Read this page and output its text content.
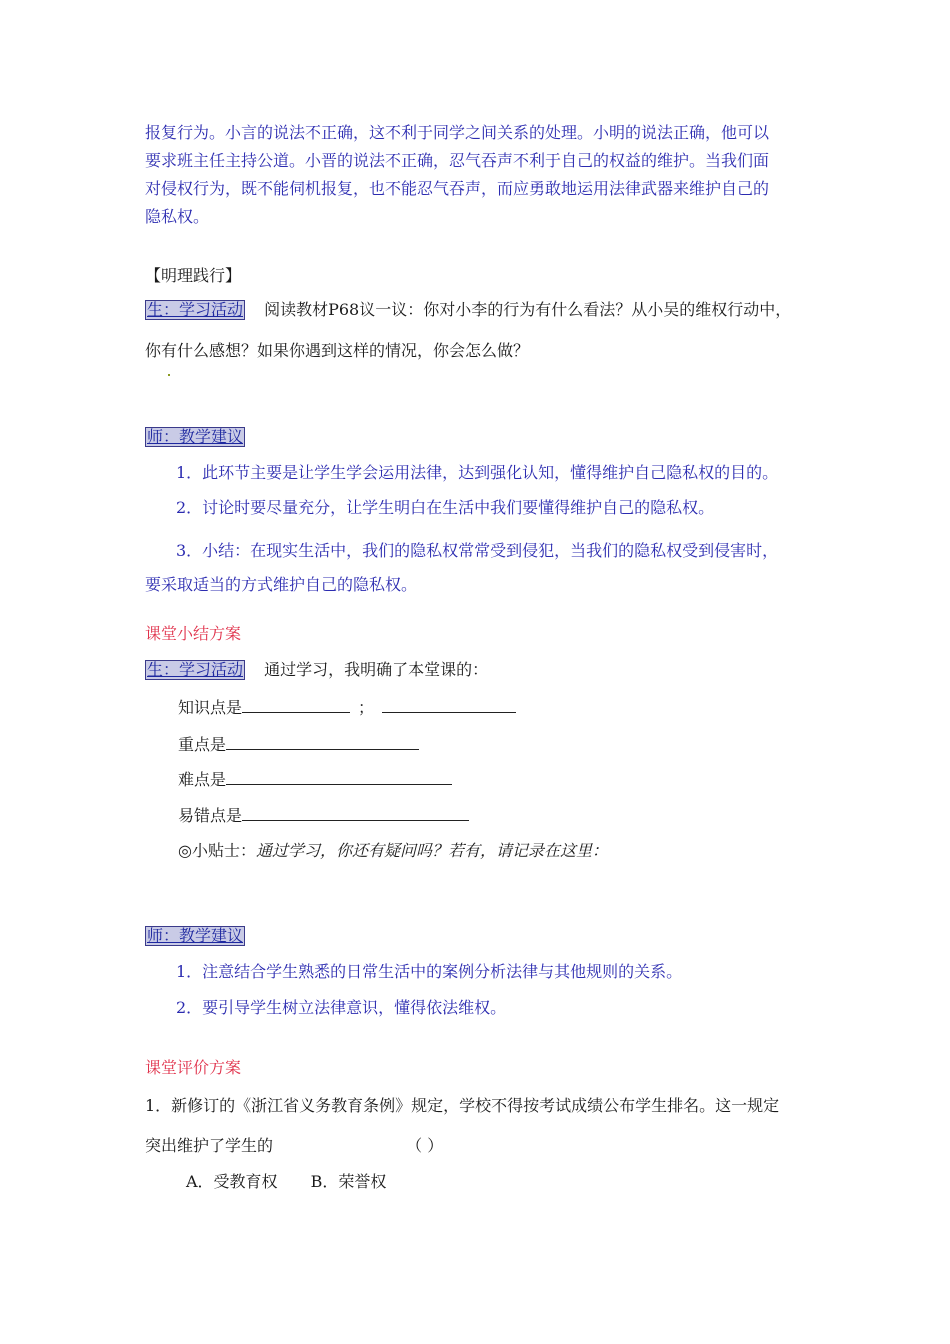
报复行为。小言的说法不正确，这不利于同学之间关系的处理。小明的说法正确，他可以
要求班主任主持公道。小晋的说法不正确，忍气吞声不利于自己的权益的维护。当我们面
对侵权行为，既不能伺机报复，也不能忍气吞声，而应勇敢地运用法律武器来维护自己的
隐私权。
【明理践行】
生：学习活动 阅读教材P68议一议：你对小李的行为有什么看法？从小吴的维权行动中，
你有什么感想？如果你遇到这样的情况，你会怎么做？
师：教学建议
1．此环节主要是让学生学会运用法律，达到强化认知，懂得维护自己隐私权的目的。
2．讨论时要尽量充分，让学生明白在生活中我们要懂得维护自己的隐私权。
3．小结：在现实生活中，我们的隐私权常常受到侵犯，当我们的隐私权受到侵害时，
要采取适当的方式维护自己的隐私权。
课堂小结方案
生：学习活动 通过学习，我明确了本堂课的：
知识点是	；
重点是
难点是
易错点是
◎小贴士：通过学习，你还有疑问吗？若有，请记录在这里：
师：教学建议
1．注意结合学生熟悉的日常生活中的案例分析法律与其他规则的关系。
2．要引导学生树立法律意识，懂得依法维权。
课堂评价方案
1．新修订的《浙江省义务教育条例》规定，学校不得按考试成绩公布学生排名。这一规定
突出维护了学生的	（ ）
A．受教育权 B．荣誉权
